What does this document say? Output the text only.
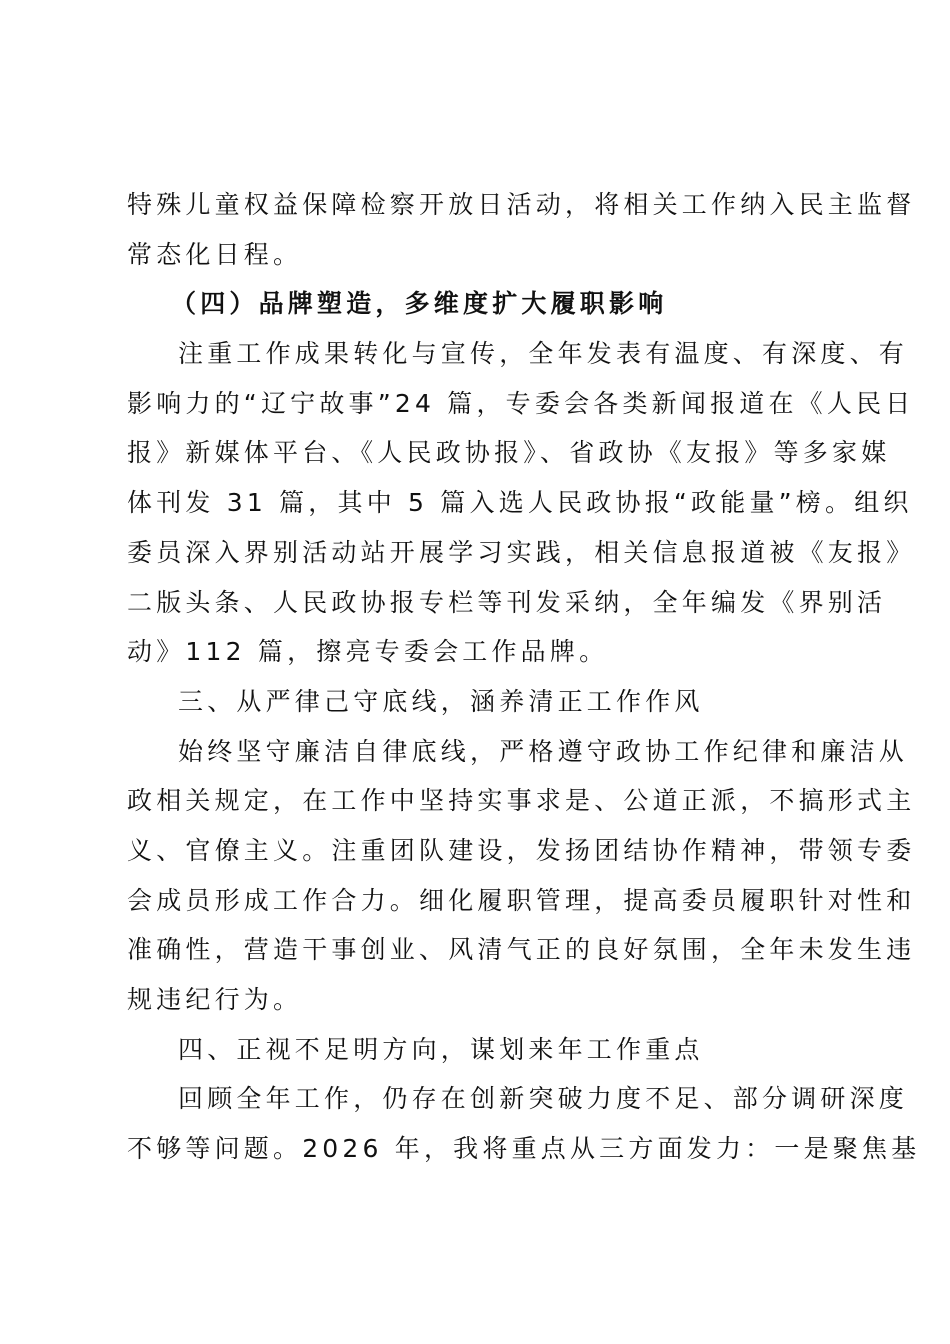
特殊儿童权益保障检察开放日活动，将相关工作纳入民主监督
常态化日程。
（四）品牌塑造，多维度扩大履职影响
注重工作成果转化与宣传，全年发表有温度、有深度、有
影响力的“辽宁故事”24 篇，专委会各类新闻报道在《人民日
报》新媒体平台、《人民政协报》、省政协《友报》等多家媒
体刊发 31 篇，其中 5 篇入选人民政协报“政能量”榜。组织
委员深入界别活动站开展学习实践，相关信息报道被《友报》
二版头条、人民政协报专栏等刊发采纳，全年编发《界别活
动》112 篇，擦亮专委会工作品牌。
三、从严律己守底线，涵养清正工作作风
始终坚守廉洁自律底线，严格遵守政协工作纪律和廉洁从
政相关规定，在工作中坚持实事求是、公道正派，不搞形式主
义、官僚主义。注重团队建设，发扬团结协作精神，带领专委
会成员形成工作合力。细化履职管理，提高委员履职针对性和
准确性，营造干事创业、风清气正的良好氛围，全年未发生违
规违纪行为。
四、正视不足明方向，谋划来年工作重点
回顾全年工作，仍存在创新突破力度不足、部分调研深度
不够等问题。2026 年，我将重点从三方面发力：一是聚焦基
